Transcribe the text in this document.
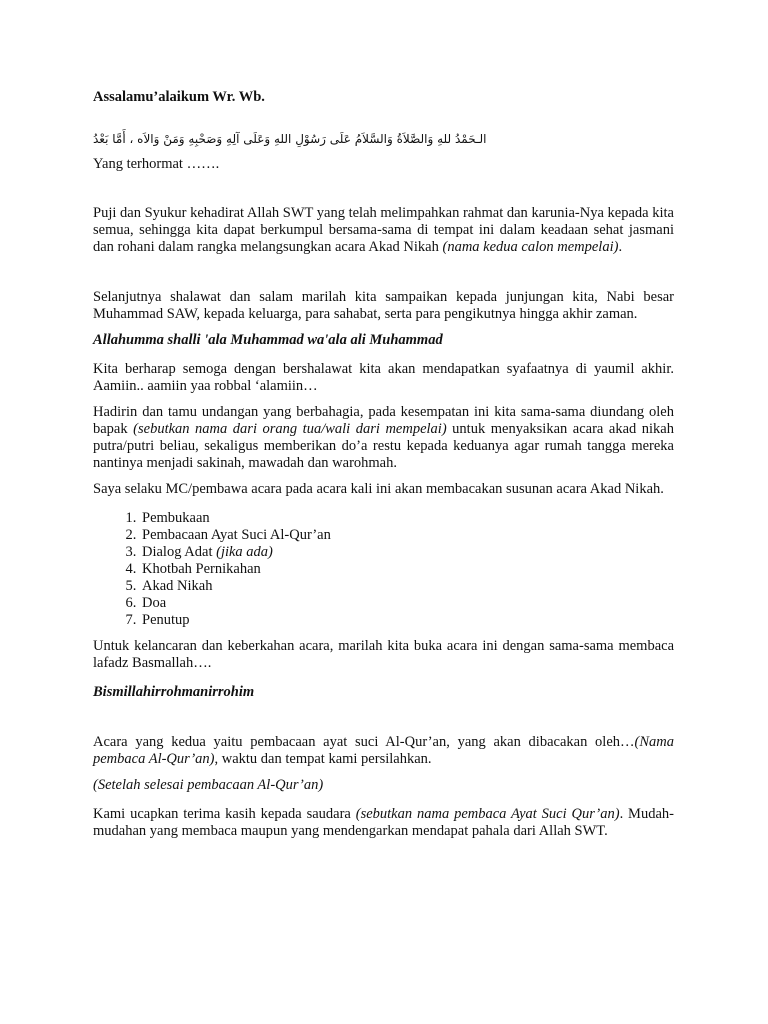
Assalamu’alaikum Wr. Wb.
الـحَمْدُ للهِ وَالصَّلاَةُ وَالسَّلاَمُ عَلَى رَسُوْلِ اللهِ وَعَلَى آلِهِ وَصَحْبِهِ وَمَنْ وَالاَه ، أَمَّا بَعْدُ

Yang terhormat …….

Puji dan Syukur kehadirat Allah SWT yang telah melimpahkan rahmat dan karunia-Nya kepada kita semua, sehingga kita dapat berkumpul bersama-sama di tempat ini dalam keadaan sehat jasmani dan rohani dalam rangka melangsungkan acara Akad Nikah (nama kedua calon mempelai).

Selanjutnya shalawat dan salam marilah kita sampaikan kepada junjungan kita, Nabi besar Muhammad SAW, kepada keluarga, para sahabat, serta para pengikutnya hingga akhir zaman.

Allahumma shalli 'ala Muhammad wa'ala ali Muhammad

Kita berharap semoga dengan bershalawat kita akan mendapatkan syafaatnya di yaumil akhir. Aamiin.. aamiin yaa robbal ‘alamiin…

Hadirin dan tamu undangan yang berbahagia, pada kesempatan ini kita sama-sama diundang oleh bapak (sebutkan nama dari orang tua/wali dari mempelai) untuk menyaksikan acara akad nikah putra/putri beliau, sekaligus memberikan do’a restu kepada keduanya agar rumah tangga mereka nantinya menjadi sakinah, mawadah dan warohmah.

Saya selaku MC/pembawa acara pada acara kali ini akan membacakan susunan acara Akad Nikah.

1. Pembukaan
2. Pembacaan Ayat Suci Al-Qur’an
3. Dialog Adat (jika ada)
4. Khotbah Pernikahan
5. Akad Nikah
6. Doa
7. Penutup

Untuk kelancaran dan keberkahan acara, marilah kita buka acara ini dengan sama-sama membaca lafadz Basmallah….

Bismillahirrohmanirrohim

Acara yang kedua yaitu pembacaan ayat suci Al-Qur’an, yang akan dibacakan oleh…(Nama pembaca Al-Qur’an), waktu dan tempat kami persilahkan.

(Setelah selesai pembacaan Al-Qur’an)

Kami ucapkan terima kasih kepada saudara (sebutkan nama pembaca Ayat Suci Qur’an). Mudah-mudahan yang membaca maupun yang mendengarkan mendapat pahala dari Allah SWT.
